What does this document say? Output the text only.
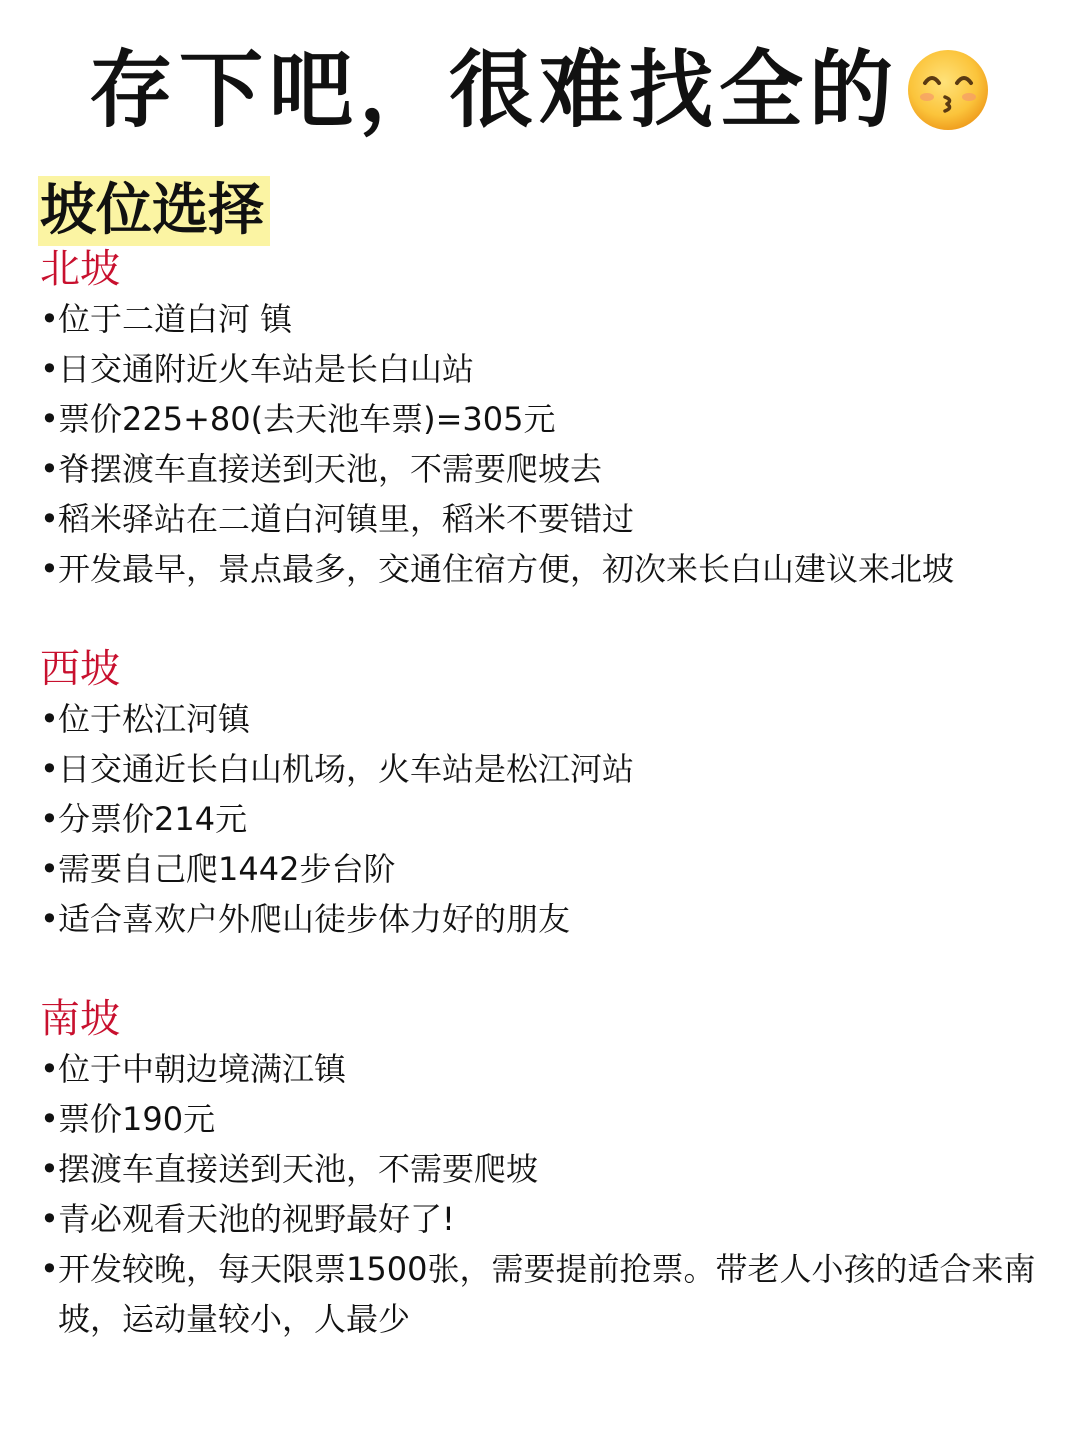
存下吧，很难找全的
坡位选择
北坡
• 位于二道白河 镇
• 日交通附近火车站是长白山站
• 票价225+80(去天池车票)=305元
• 脊摆渡车直接送到天池，不需要爬坡去
• 稻米驿站在二道白河镇里，稻米不要错过
• 开发最早，景点最多，交通住宿方便，初次来长白山建议来北坡
西坡
• 位于松江河镇
• 日交通近长白山机场，火车站是松江河站
• 分票价214元
• 需要自己爬1442步台阶
• 适合喜欢户外爬山徒步体力好的朋友
南坡
• 位于中朝边境满江镇
• 票价190元
• 摆渡车直接送到天池，不需要爬坡
• 青必观看天池的视野最好了!
• 开发较晚，每天限票1500张，需要提前抢票。带老人小孩的适合来南坡，运动量较小，人最少
